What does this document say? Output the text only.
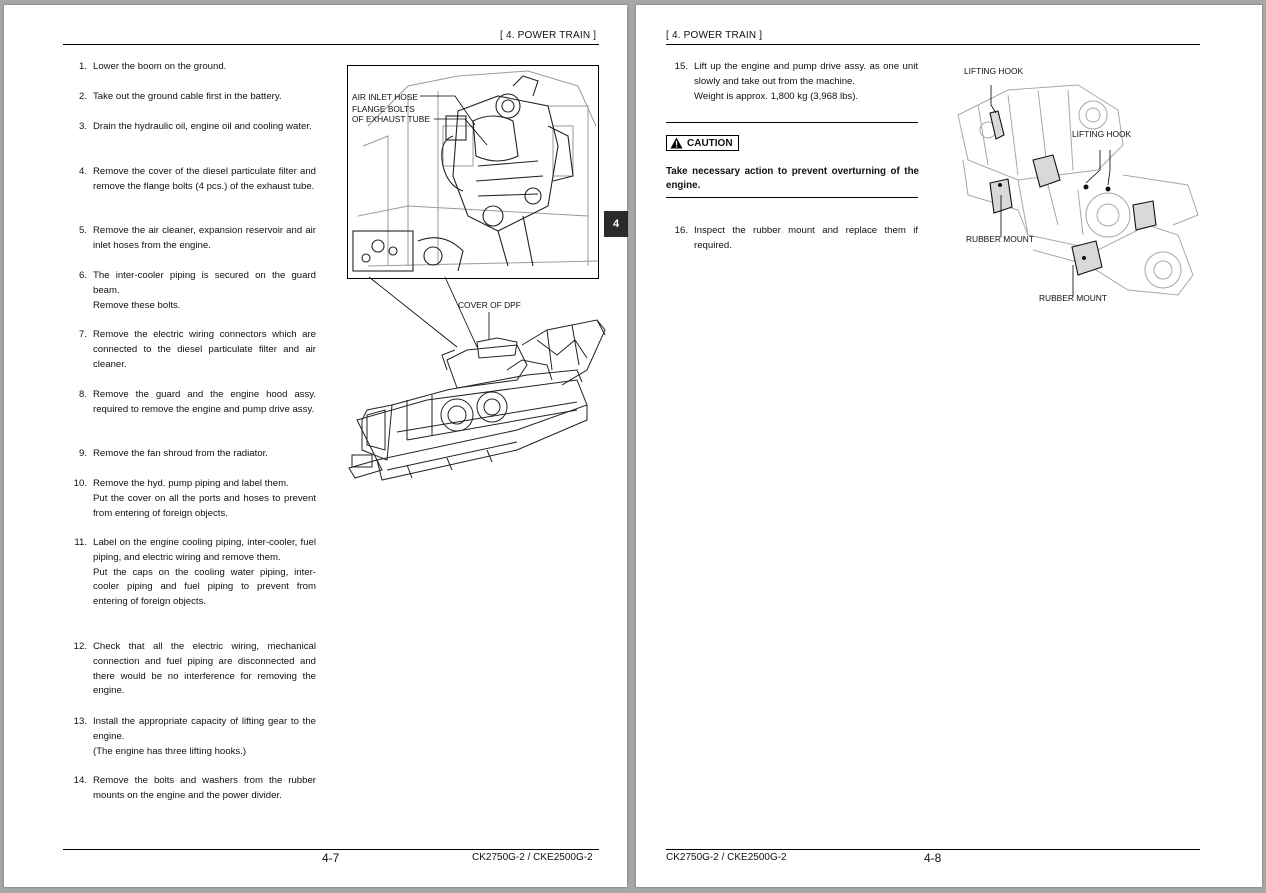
[ 4. POWER TRAIN ]
1. Lower the boom on the ground.

2. Take out the ground cable first in the battery.

3. Drain the hydraulic oil, engine oil and cooling water.

4. Remove the cover of the diesel particulate filter and remove the flange bolts (4 pcs.) of the exhaust tube.

5. Remove the air cleaner, expansion reservoir and air inlet hoses from the engine.

6. The inter-cooler piping is secured on the guard beam.

Remove these bolts.

7. Remove the electric wiring connectors which are connected to the diesel particulate filter and air cleaner.

8. Remove the guard and the engine hood assy. required to remove the engine and pump drive assy.

9. Remove the fan shroud from the radiator.

10. Remove the hyd. pump piping and label them.

Put the cover on all the ports and hoses to prevent from entering of foreign objects.

11. Label on the engine cooling piping, inter-cooler, fuel piping, and electric wiring and remove them.

Put the caps on the cooling water piping, inter-cooler piping and fuel piping to prevent from entering of foreign objects.

12. Check that all the electric wiring, mechanical connection and fuel piping are disconnected and there would be no interference for removing the engine.

13. Install the appropriate capacity of lifting gear to the engine.

(The engine has three lifting hooks.)

14. Remove the bolts and washers from the rubber mounts on the engine and the power divider.

AIR INLET HOSE
FLANGE BOLTS
OF EXHAUST TUBE
COVER OF DPF
4-7	CK2750G-2 / CKE2500G-2
4
[ 4. POWER TRAIN ]
15. Lift up the engine and pump drive assy. as one unit slowly and take out from the machine.

Weight is approx. 1,800 kg (3,968 lbs).

16. Inspect the rubber mount and replace them if required.

CAUTION
Take necessary action to prevent overturning of the engine.
LIFTING HOOK
LIFTING HOOK
RUBBER MOUNT
RUBBER MOUNT
CK2750G-2 / CKE2500G-2	4-8
